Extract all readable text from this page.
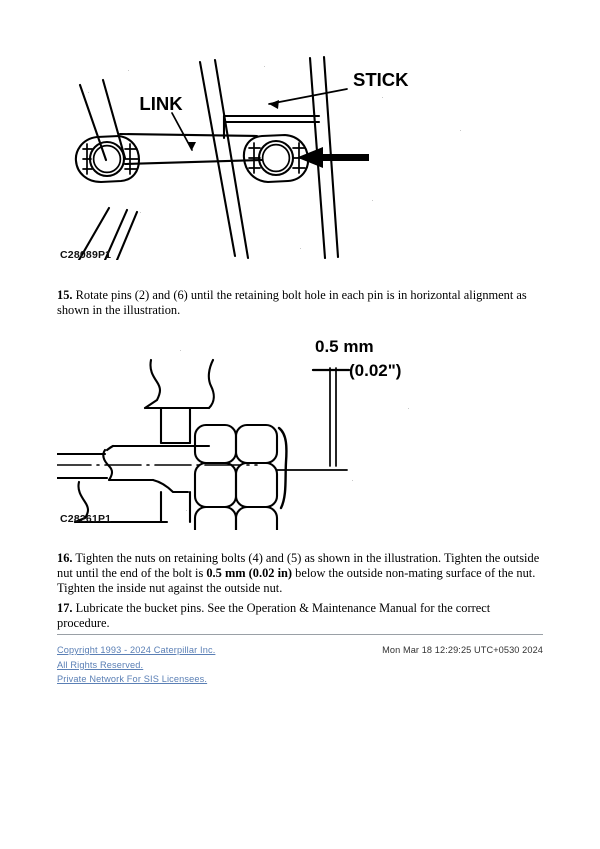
LINK
STICK
C28089P1
15. Rotate pins (2) and (6) until the retaining bolt hole in each pin is in horizontal alignment as shown in the illustration.
0.5 mm
(0.02")
C28261P1
16. Tighten the nuts on retaining bolts (4) and (5) as shown in the illustration. Tighten the outside nut until the end of the bolt is 0.5 mm (0.02 in) below the outside non-mating surface of the nut. Tighten the inside nut against the outside nut.
17. Lubricate the bucket pins. See the Operation & Maintenance Manual for the correct procedure.
Copyright 1993 - 2024 Caterpillar Inc.
All Rights Reserved.
Private Network For SIS Licensees.
Mon Mar 18 12:29:25 UTC+0530 2024
